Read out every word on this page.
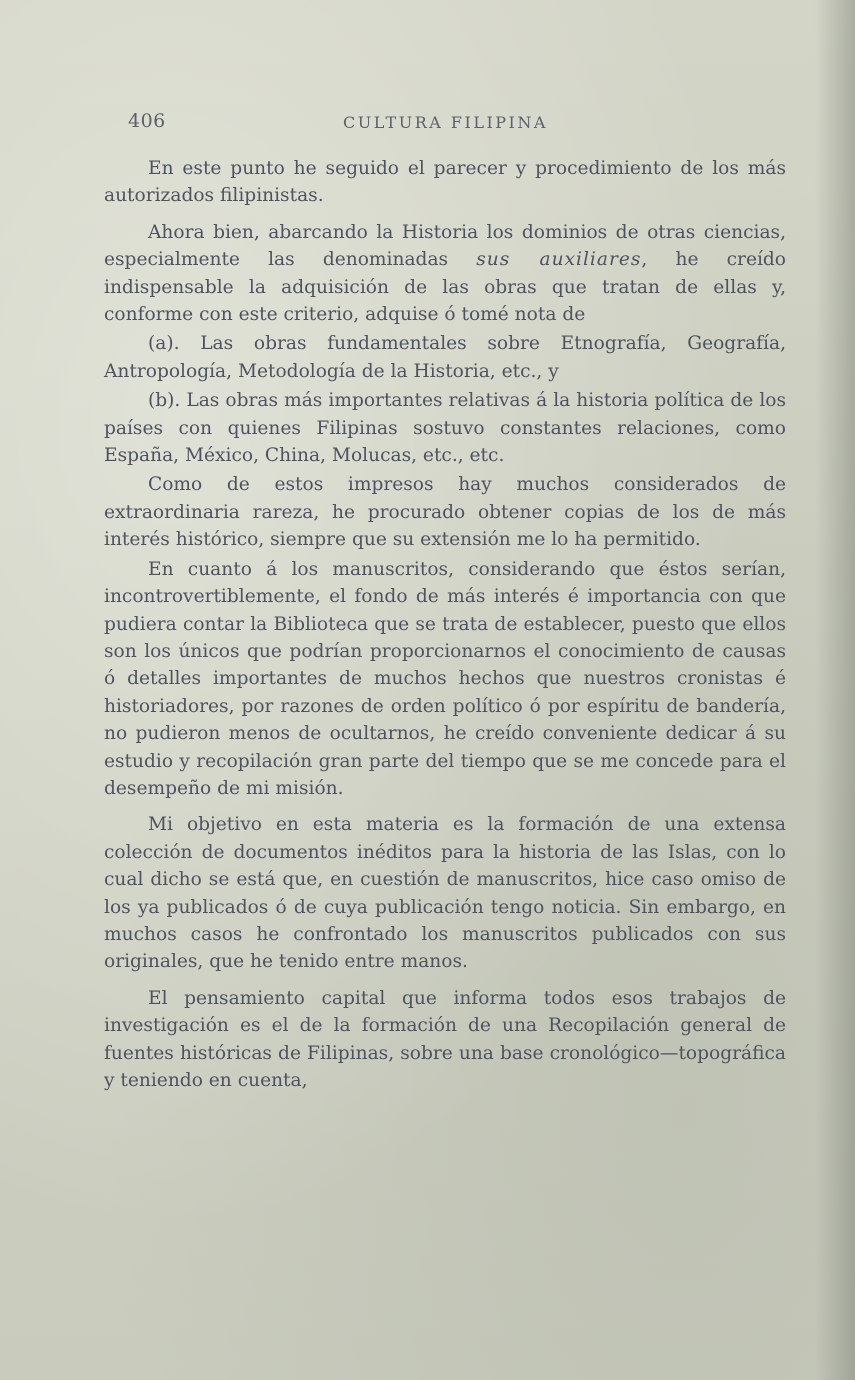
406	CULTURA FILIPINA

En este punto he seguido el parecer y procedimiento de los más autorizados filipinistas.

Ahora bien, abarcando la Historia los dominios de otras ciencias, especialmente las denominadas sus auxiliares, he creído indispensable la adquisición de las obras que tratan de ellas y, conforme con este criterio, adquise ó tomé nota de

(a). Las obras fundamentales sobre Etnografía, Geografía, Antropología, Metodología de la Historia, etc., y

(b). Las obras más importantes relativas á la historia política de los países con quienes Filipinas sostuvo constantes relaciones, como España, México, China, Molucas, etc., etc.

Como de estos impresos hay muchos considerados de extraordinaria rareza, he procurado obtener copias de los de más interés histórico, siempre que su extensión me lo ha permitido.

En cuanto á los manuscritos, considerando que éstos serían, incontrovertiblemente, el fondo de más interés é importancia con que pudiera contar la Biblioteca que se trata de establecer, puesto que ellos son los únicos que podrían proporcionarnos el conocimiento de causas ó detalles importantes de muchos hechos que nuestros cronistas é historiadores, por razones de orden político ó por espíritu de bandería, no pudieron menos de ocultarnos, he creído conveniente dedicar á su estudio y recopilación gran parte del tiempo que se me concede para el desempeño de mi misión.

Mi objetivo en esta materia es la formación de una extensa colección de documentos inéditos para la historia de las Islas, con lo cual dicho se está que, en cuestión de manuscritos, hice caso omiso de los ya publicados ó de cuya publicación tengo noticia. Sin embargo, en muchos casos he confrontado los manuscritos publicados con sus originales, que he tenido entre manos.

El pensamiento capital que informa todos esos trabajos de investigación es el de la formación de una Recopilación general de fuentes históricas de Filipinas, sobre una base cronológico—topográfica y teniendo en cuenta,
